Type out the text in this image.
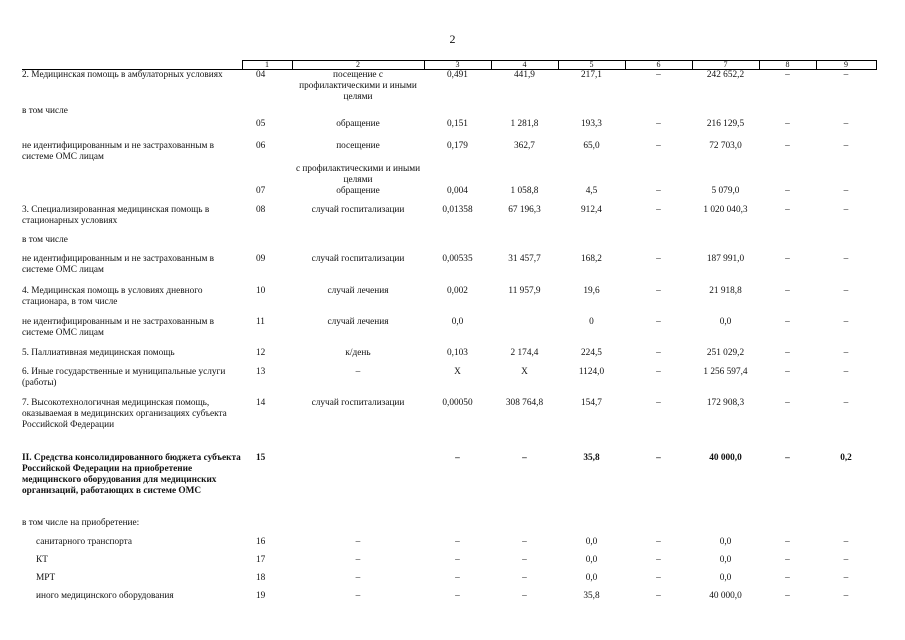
2
	1	2	3	4	5	6	7	8	9
2. Медицинская помощь в амбулаторных условиях	04	посещение с профилактическими и иными целями	0,491	441,9	217,1	–	242 652,2	–	–
в том числе									
	05	обращение	0,151	1 281,8	193,3	–	216 129,5	–	–
не идентифицированным и не застрахованным в системе ОМС лицам	06	посещение	0,179	362,7	65,0	–	72 703,0	–	–
		с профилактическими и иными целями							
	07	обращение	0,004	1 058,8	4,5	–	5 079,0	–	–
3. Специализированная медицинская помощь в стационарных условиях	08	случай госпитализации	0,01358	67 196,3	912,4	–	1 020 040,3	–	–
в том числе									
не идентифицированным и не застрахованным в системе ОМС лицам	09	случай госпитализации	0,00535	31 457,7	168,2	–	187 991,0	–	–
4. Медицинская помощь в условиях дневного стационара, в том числе	10	случай лечения	0,002	11 957,9	19,6	–	21 918,8	–	–
не идентифицированным и не застрахованным в системе ОМС лицам	11	случай лечения	0,0		0	–	0,0	–	–
5. Паллиативная медицинская помощь	12	к/день	0,103	2 174,4	224,5	–	251 029,2	–	–
6. Иные государственные и муниципальные услуги (работы)	13	–	X	X	1124,0	–	1 256 597,4	–	–
7. Высокотехнологичная медицинская помощь, оказываемая в медицинских организациях субъекта Российской Федерации	14	случай госпитализации	0,00050	308 764,8	154,7	–	172 908,3	–	–
II. Средства консолидированного бюджета субъекта Российской Федерации на приобретение медицинского оборудования для медицинских организаций, работающих в системе ОМС	15		–	–	35,8	–	40 000,0	–	0,2
в том числе на приобретение:									
санитарного транспорта	16	–	–	–	0,0	–	0,0	–	–
КТ	17	–	–	–	0,0	–	0,0	–	–
МРТ	18	–	–	–	0,0	–	0,0	–	–
иного медицинского оборудования	19	–	–	–	35,8	–	40 000,0	–	–
